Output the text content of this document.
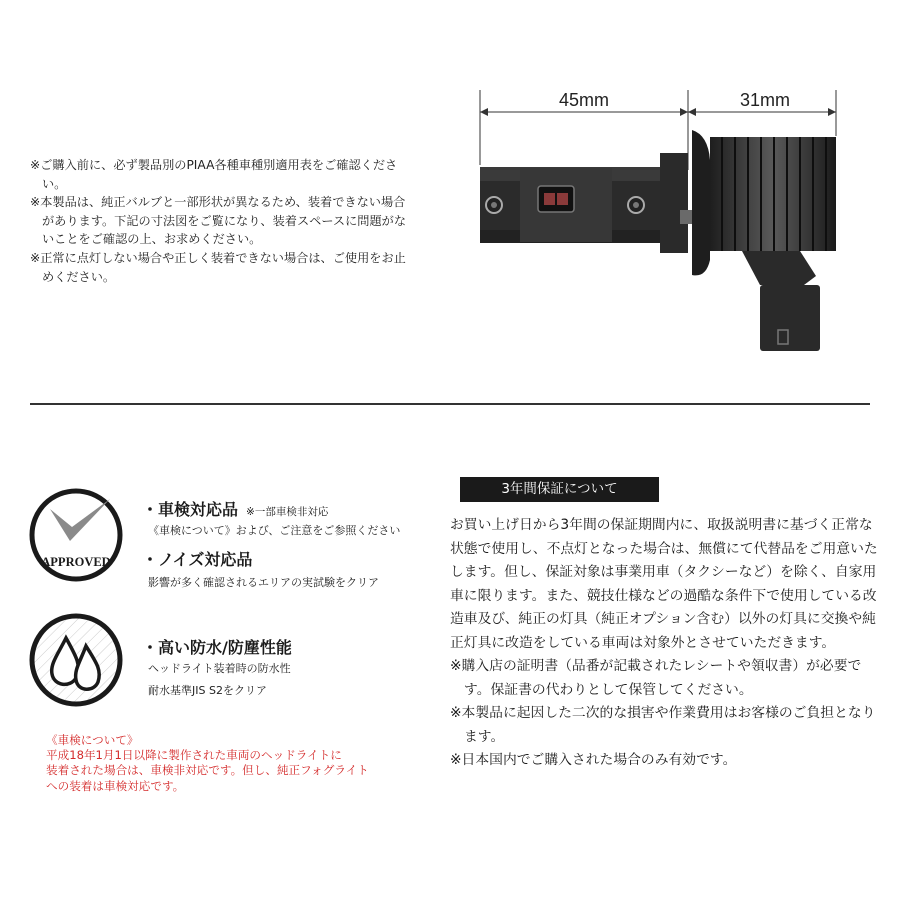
※ご購入前に、必ず製品別のPIAA各種車種別適用表をご確認ください。

※本製品は、純正バルブと一部形状が異なるため、装着できない場合があります。下記の寸法図をご覧になり、装着スペースに問題がないことをご確認の上、お求めください。

※正常に点灯しない場合や正しく装着できない場合は、ご使用をお止めください。

45mm	31mm
APPROVED
・車検対応品 ※一部車検非対応
《車検について》および、ご注意をご参照ください
・ノイズ対応品
影響が多く確認されるエリアの実試験をクリア
・高い防水/防塵性能
ヘッドライト装着時の防水性
耐水基準JIS S2をクリア

《車検について》

平成18年1月1日以降に製作された車両のヘッドライトに

装着された場合は、車検非対応です。但し、純正フォグライト

への装着は車検対応です。

3年間保証について

お買い上げ日から3年間の保証期間内に、取扱説明書に基づく正常な状態で使用し、不点灯となった場合は、無償にて代替品をご用意いたします。但し、保証対象は事業用車（タクシーなど）を除く、自家用車に限ります。また、競技仕様などの過酷な条件下で使用している改造車及び、純正の灯具（純正オプション含む）以外の灯具に交換や純正灯具に改造をしている車両は対象外とさせていただきます。

※購入店の証明書（品番が記載されたレシートや領収書）が必要です。保証書の代わりとして保管してください。

※本製品に起因した二次的な損害や作業費用はお客様のご負担となります。

※日本国内でご購入された場合のみ有効です。
